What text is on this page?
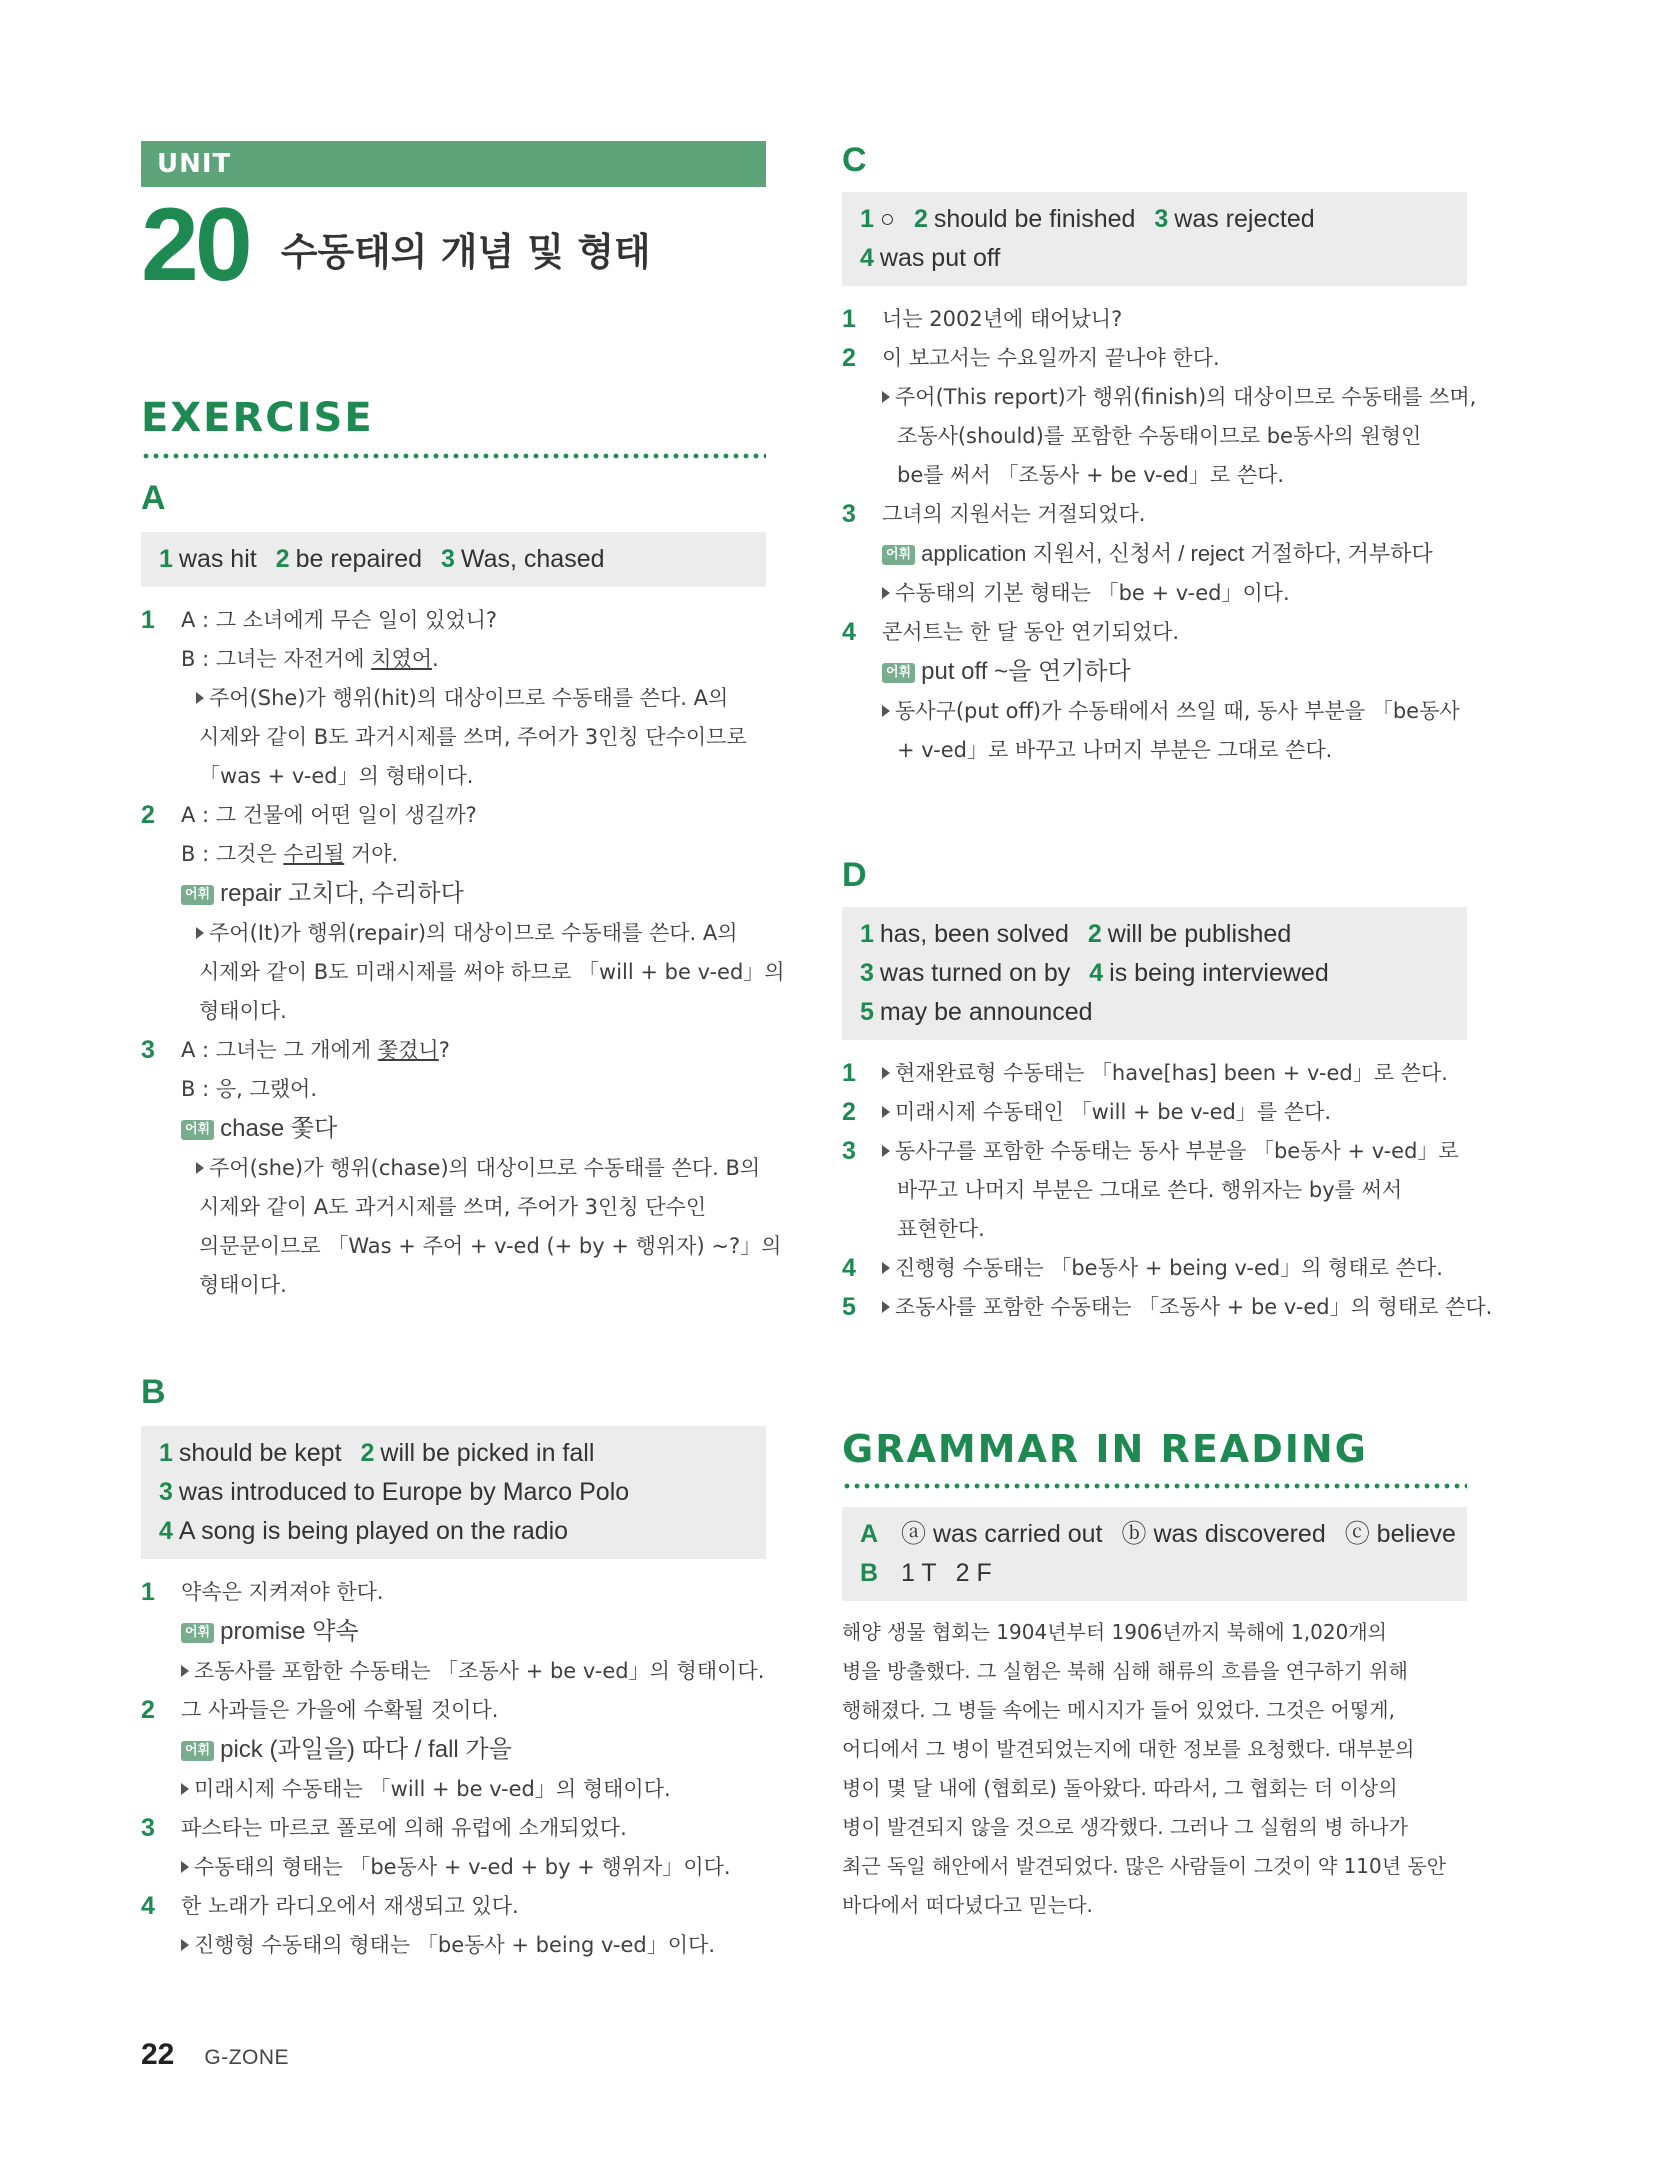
UNIT
20 수동태의 개념 및 형태
EXERCISE
A
1 was hit 2 be repaired 3 Was, chased
1 A : 그 소녀에게 무슨 일이 있었니?
B : 그녀는 자전거에 치였어.
주어(She)가 행위(hit)의 대상이므로 수동태를 쓴다. A의
시제와 같이 B도 과거시제를 쓰며, 주어가 3인칭 단수이므로
「was + v-ed」의 형태이다.
2 A : 그 건물에 어떤 일이 생길까?
B : 그것은 수리될 거야.
어휘 repair 고치다, 수리하다
주어(It)가 행위(repair)의 대상이므로 수동태를 쓴다. A의
시제와 같이 B도 미래시제를 써야 하므로 「will + be v-ed」의
형태이다.
3 A : 그녀는 그 개에게 쫓겼니?
B : 응, 그랬어.
어휘 chase 쫓다
주어(she)가 행위(chase)의 대상이므로 수동태를 쓴다. B의
시제와 같이 A도 과거시제를 쓰며, 주어가 3인칭 단수인
의문문이므로 「Was + 주어 + v-ed (+ by + 행위자) ~?」의
형태이다.
B
1 should be kept 2 will be picked in fall
3 was introduced to Europe by Marco Polo
4 A song is being played on the radio
1 약속은 지켜져야 한다.
어휘 promise 약속
조동사를 포함한 수동태는 「조동사 + be v-ed」의 형태이다.
2 그 사과들은 가을에 수확될 것이다.
어휘 pick (과일을) 따다 / fall 가을
미래시제 수동태는 「will + be v-ed」의 형태이다.
3 파스타는 마르코 폴로에 의해 유럽에 소개되었다.
수동태의 형태는 「be동사 + v-ed + by + 행위자」이다.
4 한 노래가 라디오에서 재생되고 있다.
진행형 수동태의 형태는 「be동사 + being v-ed」이다.
C
1 ○ 2 should be finished 3 was rejected
4 was put off
1 너는 2002년에 태어났니?
2 이 보고서는 수요일까지 끝나야 한다.
주어(This report)가 행위(finish)의 대상이므로 수동태를 쓰며,
조동사(should)를 포함한 수동태이므로 be동사의 원형인
be를 써서 「조동사 + be v-ed」로 쓴다.
3 그녀의 지원서는 거절되었다.
어휘 application 지원서, 신청서 / reject 거절하다, 거부하다
수동태의 기본 형태는 「be + v-ed」이다.
4 콘서트는 한 달 동안 연기되었다.
어휘 put off ~을 연기하다
동사구(put off)가 수동태에서 쓰일 때, 동사 부분을 「be동사
+ v-ed」로 바꾸고 나머지 부분은 그대로 쓴다.
D
1 has, been solved 2 will be published
3 was turned on by 4 is being interviewed
5 may be announced
1	현재완료형 수동태는 「have[has] been + v-ed」로 쓴다.
2	미래시제 수동태인 「will + be v-ed」를 쓴다.
3	동사구를 포함한 수동태는 동사 부분을 「be동사 + v-ed」로
바꾸고 나머지 부분은 그대로 쓴다. 행위자는 by를 써서
표현한다.
4	진행형 수동태는 「be동사 + being v-ed」의 형태로 쓴다.
5	조동사를 포함한 수동태는 「조동사 + be v-ed」의 형태로 쓴다.
GRAMMAR IN READING
A ⓐ was carried out ⓑ was discovered ⓒ believe
B 1 T 2 F
해양 생물 협회는 1904년부터 1906년까지 북해에 1,020개의
병을 방출했다. 그 실험은 북해 심해 해류의 흐름을 연구하기 위해
행해졌다. 그 병들 속에는 메시지가 들어 있었다. 그것은 어떻게,
어디에서 그 병이 발견되었는지에 대한 정보를 요청했다. 대부분의
병이 몇 달 내에 (협회로) 돌아왔다. 따라서, 그 협회는 더 이상의
병이 발견되지 않을 것으로 생각했다. 그러나 그 실험의 병 하나가
최근 독일 해안에서 발견되었다. 많은 사람들이 그것이 약 110년 동안
바다에서 떠다녔다고 믿는다.
22 G-ZONE
